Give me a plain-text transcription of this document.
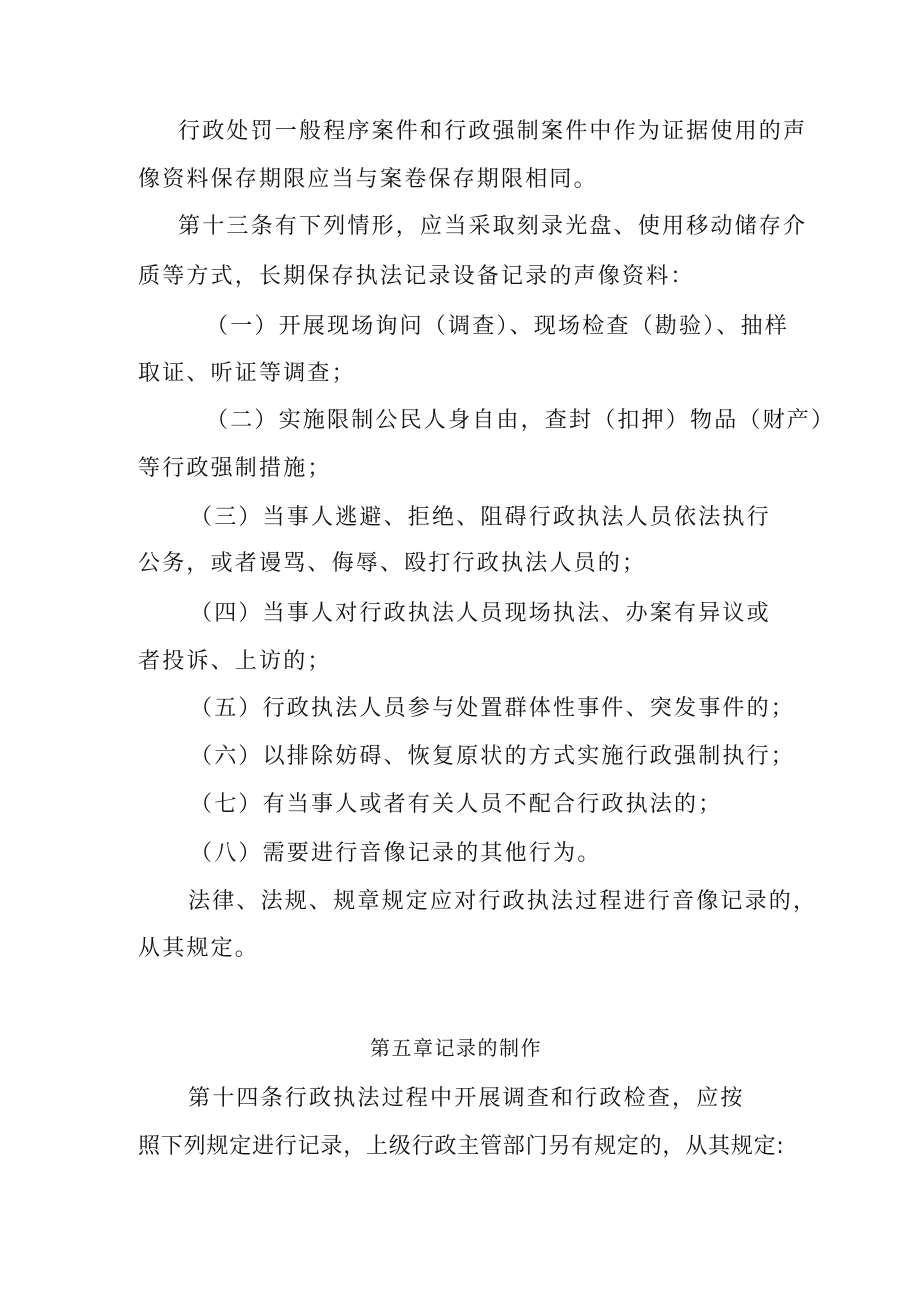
行政处罚一般程序案件和行政强制案件中作为证据使用的声
像资料保存期限应当与案卷保存期限相同。
第十三条有下列情形，应当采取刻录光盘、使用移动储存介
质等方式，长期保存执法记录设备记录的声像资料：
（一）开展现场询问（调查）、现场检查（勘验）、抽样
取证、听证等调查；
（二）实施限制公民人身自由，查封（扣押）物品（财产）
等行政强制措施；
（三）当事人逃避、拒绝、阻碍行政执法人员依法执行
公务，或者谩骂、侮辱、殴打行政执法人员的；
（四）当事人对行政执法人员现场执法、办案有异议或
者投诉、上访的；
（五）行政执法人员参与处置群体性事件、突发事件的；
（六）以排除妨碍、恢复原状的方式实施行政强制执行；
（七）有当事人或者有关人员不配合行政执法的；
（八）需要进行音像记录的其他行为。
法律、法规、规章规定应对行政执法过程进行音像记录的，
从其规定。
第五章记录的制作
第十四条行政执法过程中开展调查和行政检查，应按
照下列规定进行记录，上级行政主管部门另有规定的，从其规定:
